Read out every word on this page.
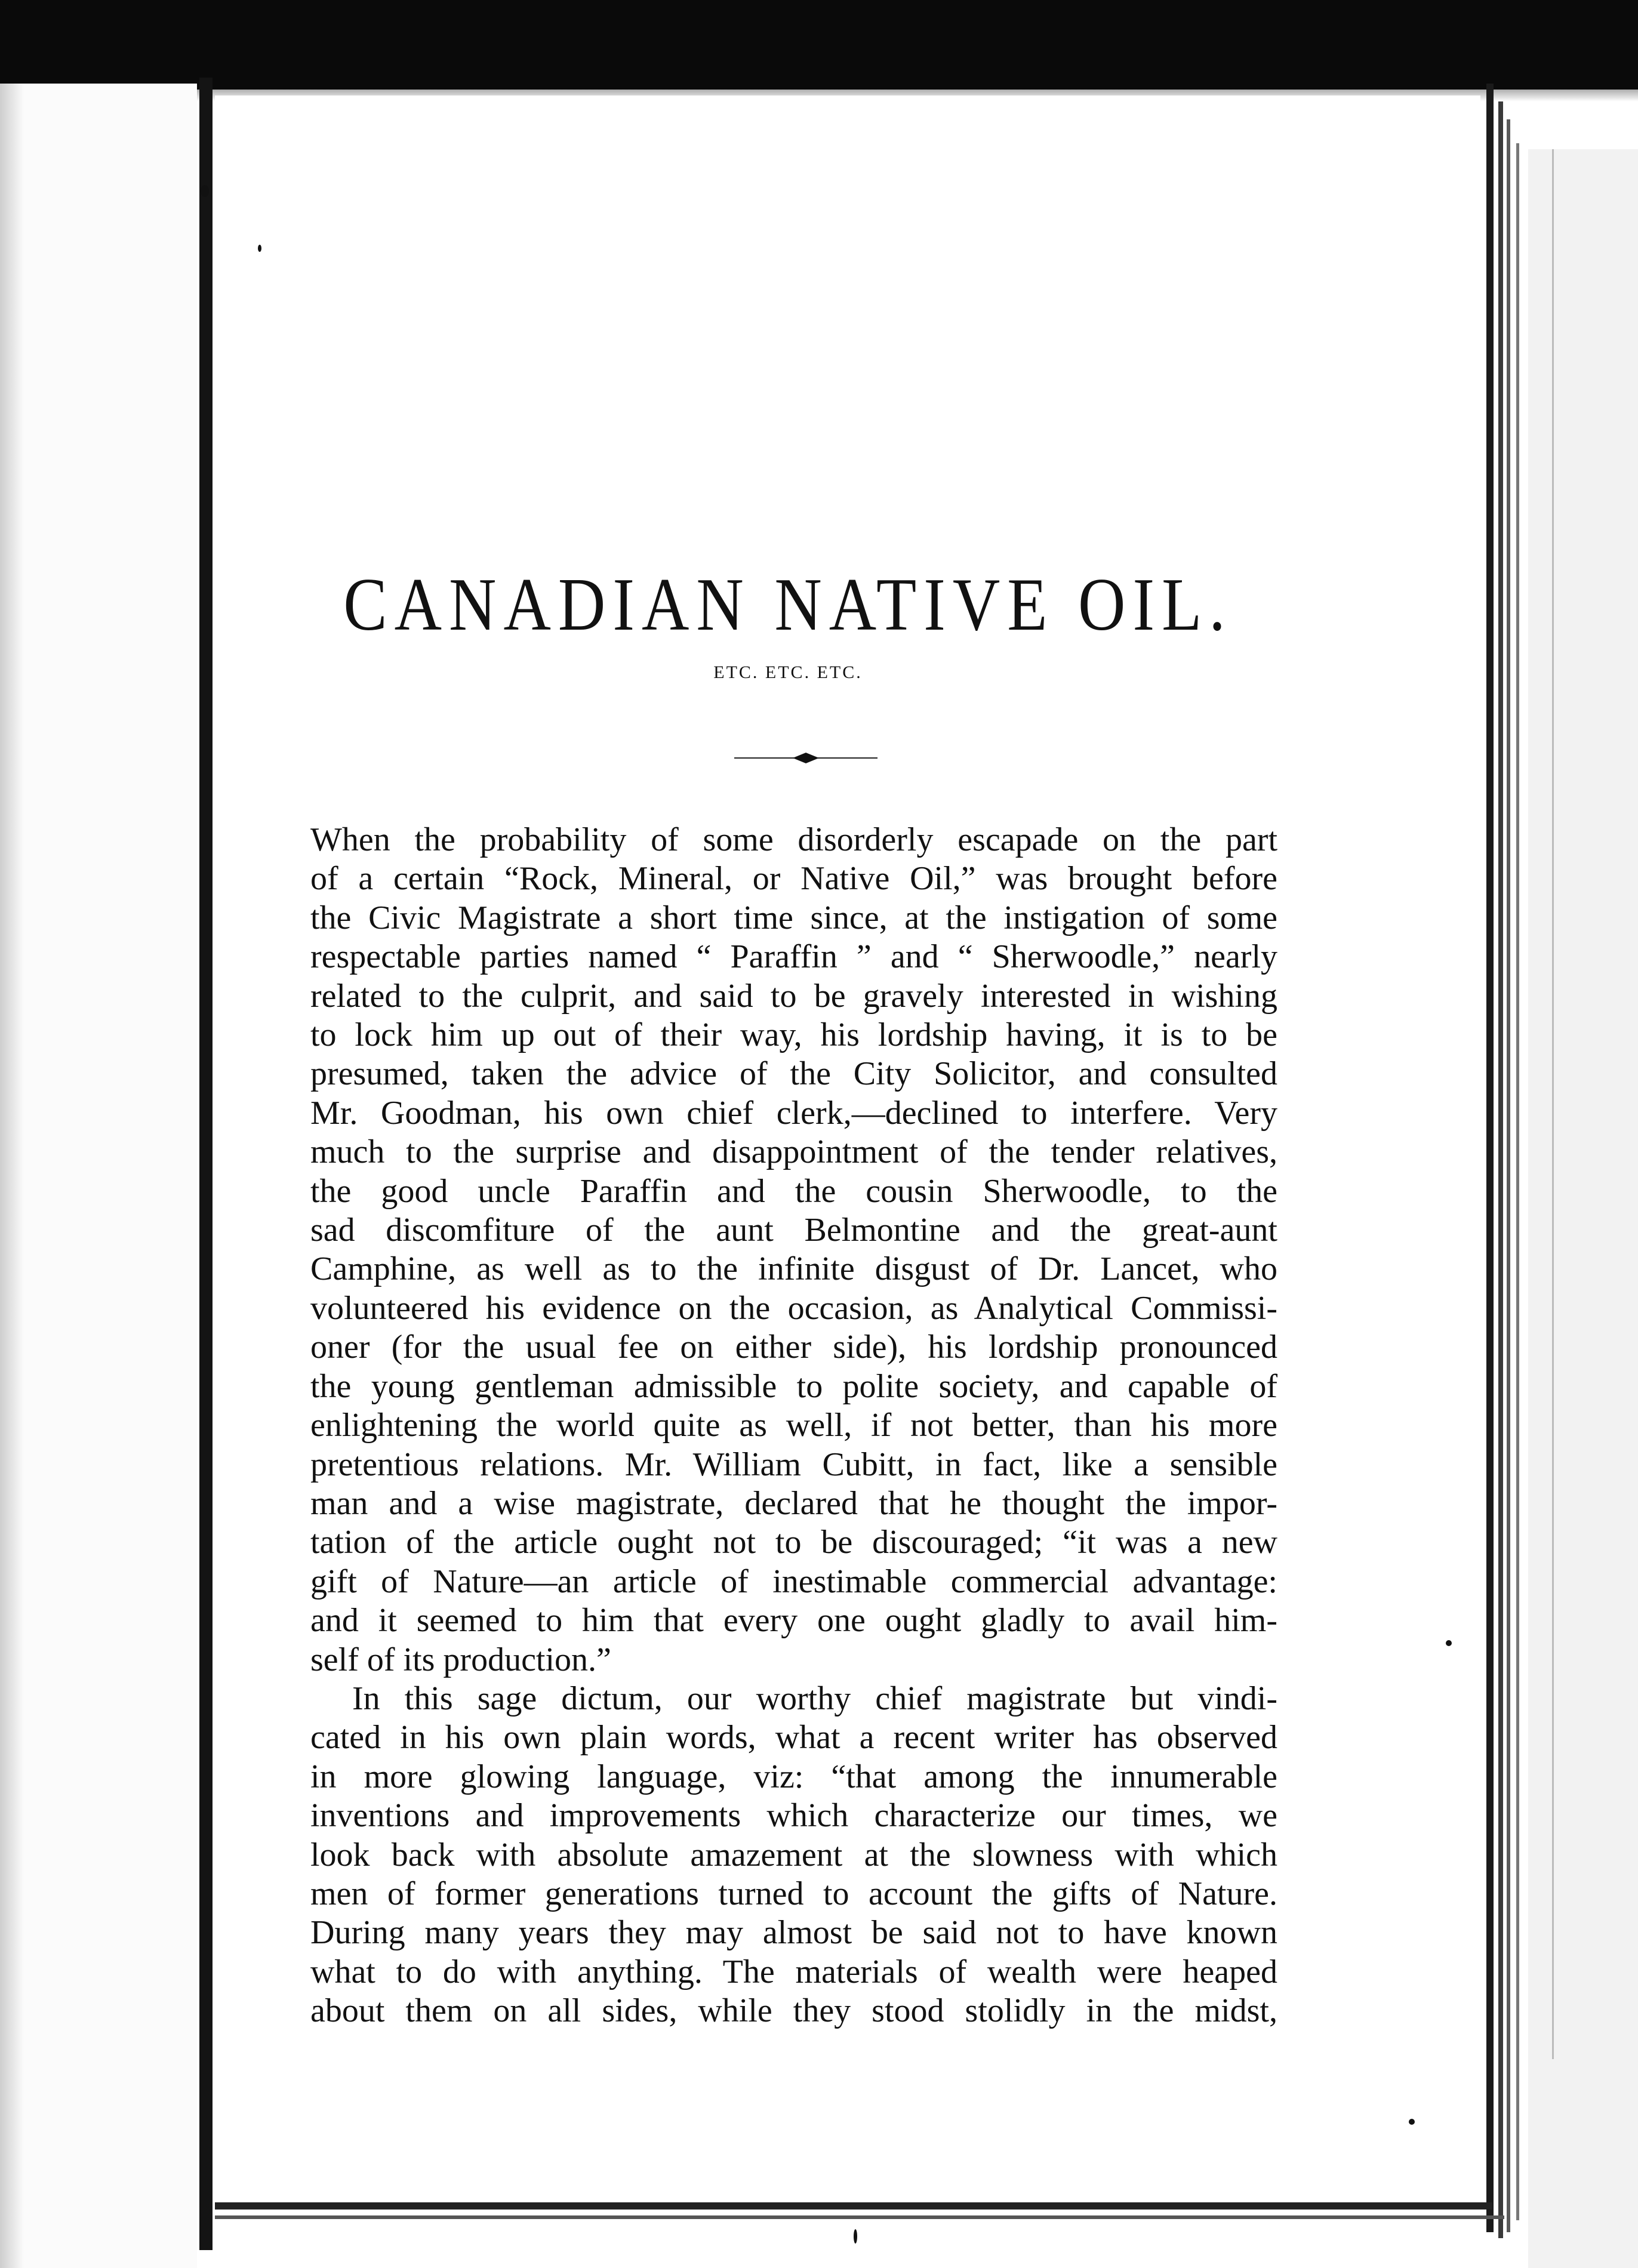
CANADIAN NATIVE OIL.
ETC. ETC. ETC.

When the probability of some disorderly escapade on the part
of a certain “Rock, Mineral, or Native Oil,” was brought before
the Civic Magistrate a short time since, at the instigation of some
respectable parties named “ Paraffin ” and “ Sherwoodle,” nearly
related to the culprit, and said to be gravely interested in wishing
to lock him up out of their way, his lordship having, it is to be
presumed, taken the advice of the City Solicitor, and consulted
Mr. Goodman, his own chief clerk,—declined to interfere. Very
much to the surprise and disappointment of the tender relatives,
the good uncle Paraffin and the cousin Sherwoodle, to the
sad discomfiture of the aunt Belmontine and the great-aunt
Camphine, as well as to the infinite disgust of Dr. Lancet, who
volunteered his evidence on the occasion, as Analytical Commissi-
oner (for the usual fee on either side), his lordship pronounced
the young gentleman admissible to polite society, and capable of
enlightening the world quite as well, if not better, than his more
pretentious relations. Mr. William Cubitt, in fact, like a sensible
man and a wise magistrate, declared that he thought the impor-
tation of the article ought not to be discouraged; “it was a new
gift of Nature—an article of inestimable commercial advantage:
and it seemed to him that every one ought gladly to avail him-
self of its production.”

In this sage dictum, our worthy chief magistrate but vindi-
cated in his own plain words, what a recent writer has observed
in more glowing language, viz: “that among the innumerable
inventions and improvements which characterize our times, we
look back with absolute amazement at the slowness with which
men of former generations turned to account the gifts of Nature.
During many years they may almost be said not to have known
what to do with anything. The materials of wealth were heaped
about them on all sides, while they stood stolidly in the midst,
